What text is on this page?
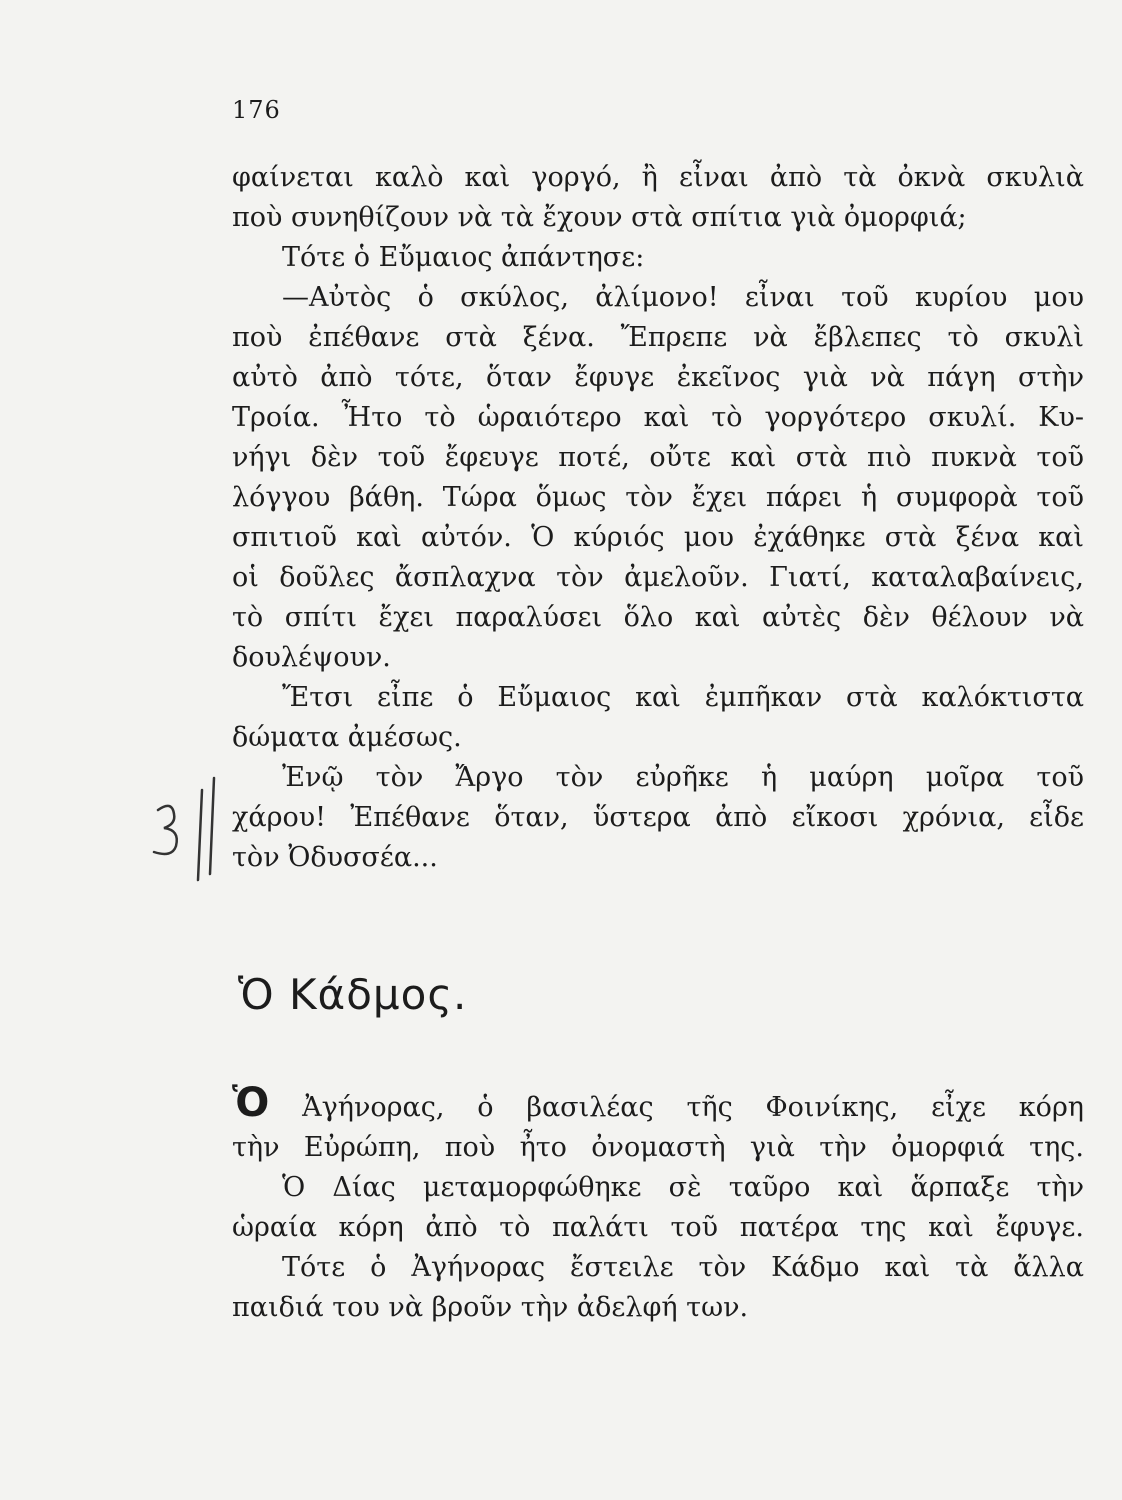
176
φαίνεται καλὸ καὶ γοργό, ἢ εἶναι ἀπὸ τὰ ὀκνὰ σκυλιὰ
ποὺ συνηθίζουν νὰ τὰ ἔχουν στὰ σπίτια γιὰ ὀμορφιά;
Τότε ὁ Εὔμαιος ἀπάντησε:
—Αὐτὸς ὁ σκύλος, ἀλίμονο! εἶναι τοῦ κυρίου μου
ποὺ ἐπέθανε στὰ ξένα. Ἔπρεπε νὰ ἔβλεπες τὸ σκυλὶ
αὐτὸ ἀπὸ τότε, ὅταν ἔφυγε ἐκεῖνος γιὰ νὰ πάγη στὴν
Τροία. Ἦτο τὸ ὡραιότερο καὶ τὸ γοργότερο σκυλί. Κυ-
νήγι δὲν τοῦ ἔφευγε ποτέ, οὔτε καὶ στὰ πιὸ πυκνὰ τοῦ
λόγγου βάθη. Τώρα ὅμως τὸν ἔχει πάρει ἡ συμφορὰ τοῦ
σπιτιοῦ καὶ αὐτόν. Ὁ κύριός μου ἐχάθηκε στὰ ξένα καὶ
οἱ δοῦλες ἄσπλαχνα τὸν ἀμελοῦν. Γιατί, καταλαβαίνεις,
τὸ σπίτι ἔχει παραλύσει ὅλο καὶ αὐτὲς δὲν θέλουν νὰ
δουλέψουν.
Ἔτσι εἶπε ὁ Εὔμαιος καὶ ἐμπῆκαν στὰ καλόκτιστα
δώματα ἀμέσως.
Ἐνῷ τὸν Ἄργο τὸν εὐρῆκε ἡ μαύρη μοῖρα τοῦ
χάρου! Ἐπέθανε ὅταν, ὕστερα ἀπὸ εἴκοσι χρόνια, εἶδε
τὸν Ὀδυσσέα...
Ὁ Κάδμος.
Ὁ Ἀγήνορας, ὁ βασιλέας τῆς Φοινίκης, εἶχε κόρη
τὴν Εὐρώπη, ποὺ ἦτο ὀνομαστὴ γιὰ τὴν ὀμορφιά της.
Ὁ Δίας μεταμορφώθηκε σὲ ταῦρο καὶ ἅρπαξε τὴν
ὡραία κόρη ἀπὸ τὸ παλάτι τοῦ πατέρα της καὶ ἔφυγε.
Τότε ὁ Ἀγήνορας ἔστειλε τὸν Κάδμο καὶ τὰ ἄλλα
παιδιά του νὰ βροῦν τὴν ἀδελφή των.
